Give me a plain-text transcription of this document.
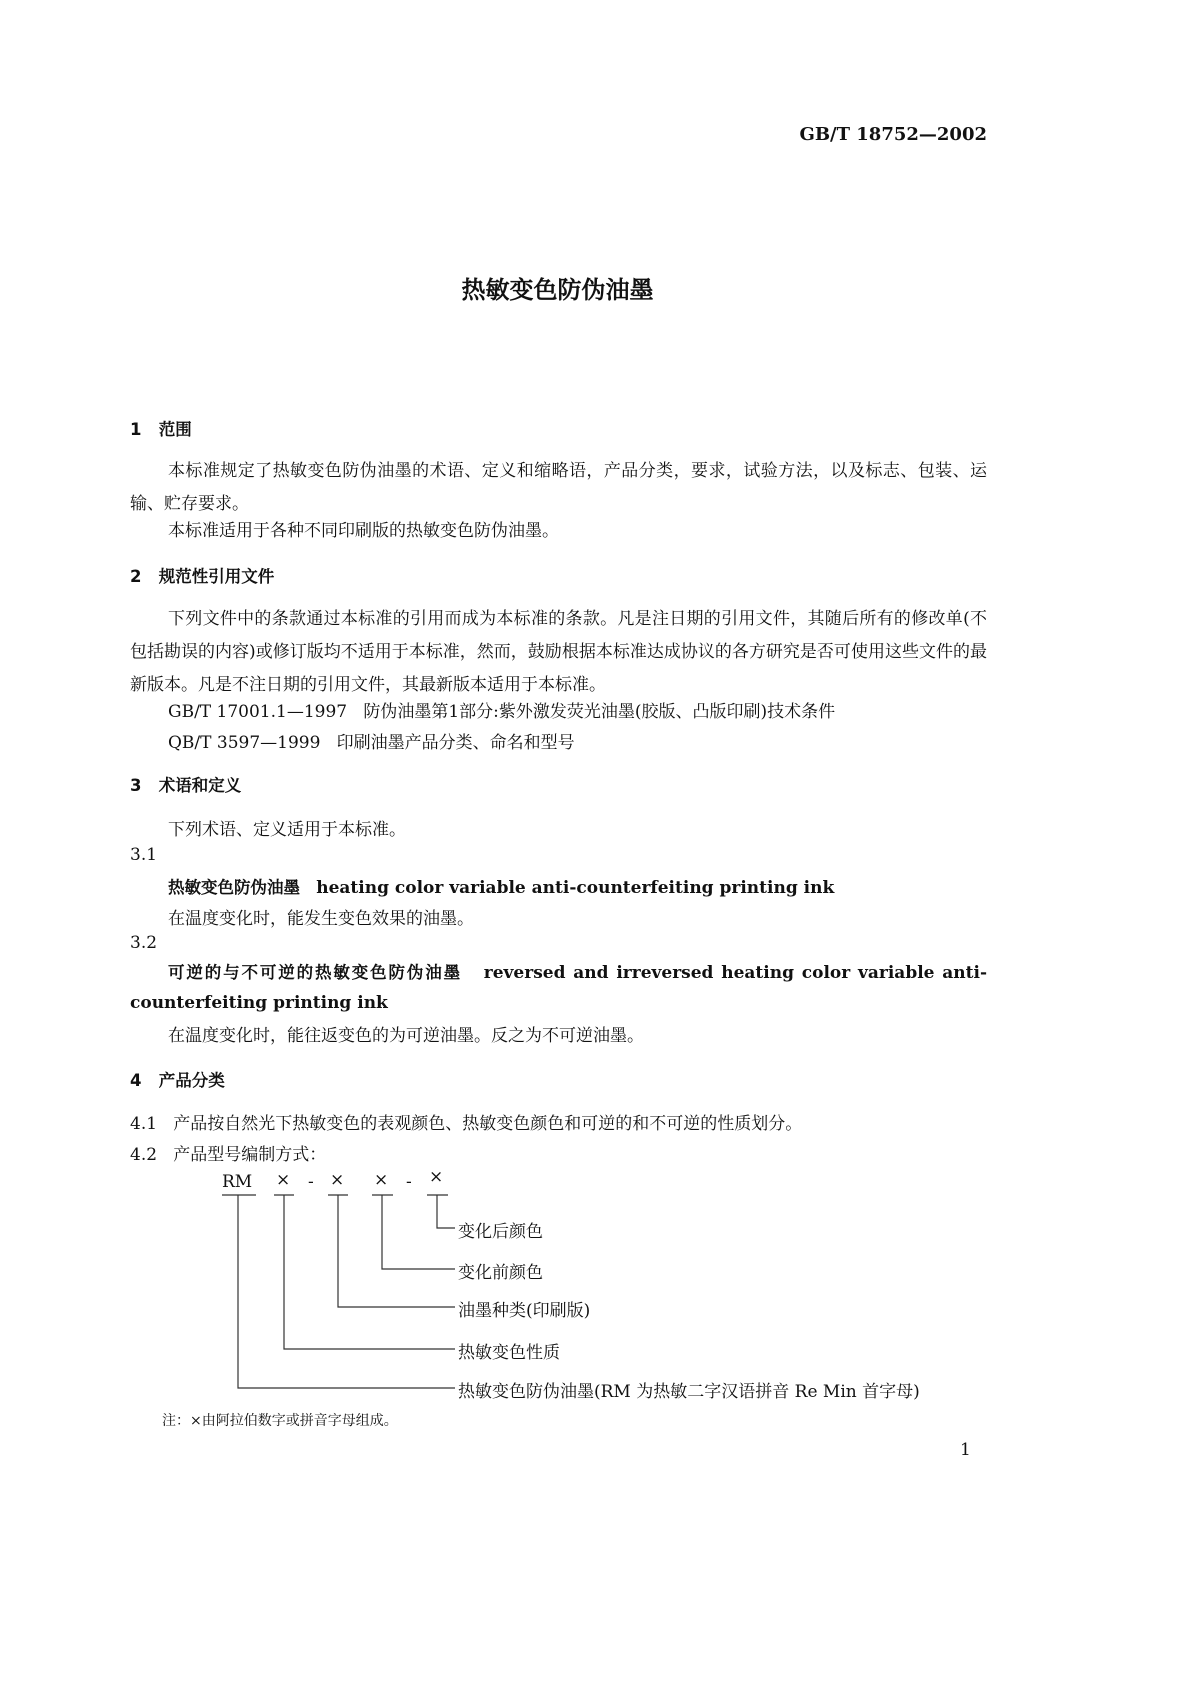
GB/T 18752—2002
热敏变色防伪油墨
1 范围
本标准规定了热敏变色防伪油墨的术语、定义和缩略语，产品分类，要求，试验方法，以及标志、包装、运输、贮存要求。
本标准适用于各种不同印刷版的热敏变色防伪油墨。
2 规范性引用文件
下列文件中的条款通过本标准的引用而成为本标准的条款。凡是注日期的引用文件，其随后所有的修改单(不包括勘误的内容)或修订版均不适用于本标准，然而，鼓励根据本标准达成协议的各方研究是否可使用这些文件的最新版本。凡是不注日期的引用文件，其最新版本适用于本标准。
GB/T 17001.1—1997 防伪油墨第1部分:紫外激发荧光油墨(胶版、凸版印刷)技术条件
QB/T 3597—1999 印刷油墨产品分类、命名和型号
3 术语和定义
下列术语、定义适用于本标准。
3.1
热敏变色防伪油墨 heating color variable anti-counterfeiting printing ink
在温度变化时，能发生变色效果的油墨。
3.2
可逆的与不可逆的热敏变色防伪油墨 reversed and irreversed heating color variable anti-counterfeiting printing ink
在温度变化时，能往返变色的为可逆油墨。反之为不可逆油墨。
4 产品分类
4.1 产品按自然光下热敏变色的表观颜色、热敏变色颜色和可逆的和不可逆的性质划分。
4.2 产品型号编制方式：
RM × - × × - ×
变化后颜色
变化前颜色
油墨种类(印刷版)
热敏变色性质
热敏变色防伪油墨(RM 为热敏二字汉语拼音 Re Min 首字母)
注：×由阿拉伯数字或拼音字母组成。
1
